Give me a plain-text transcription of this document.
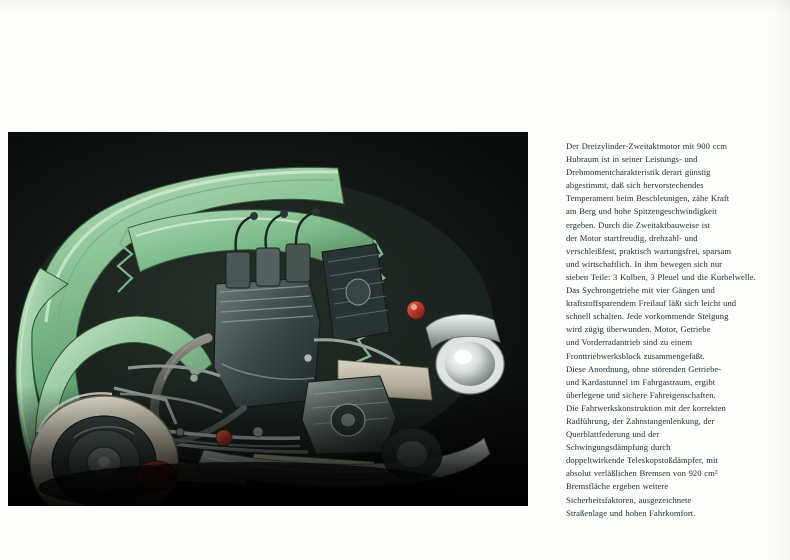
Der Dreizylinder-Zweitaktmotor mit 900 ccm

Hubraum ist in seiner Leistungs- und

Drehmomentcharakteristik derart günstig

abgestimmt, daß sich hervorstechendes

Temperament beim Bescbleunigen, zähe Kraft

am Berg und hohe Spitzengeschwindigkeit

ergeben. Durch die Zweitaktbauweise ist

der Motor startfreudig, drehzahl- und

verschleißfest, praktisch wartungsfrei, sparsam

und wirtschaftlich. In ihm bewegen sich nur

sieben Teile: 3 Kolben, 3 Pleuel und die Kurbelwelle.

Das Sychrongetriebe mit vier Gängen und

kraftstoffsparendem Freilauf läßt sich leicht und

schnell schalten. Jede vorkommende Steigung

wird zügig überwunden. Motor, Getriebe

und Vorderradantrieb sind zu einem

Fronttriebwerksblock zusammengefaßt.

Diese Anordnung, ohne störenden Getriebe-

und Kardastunnel im Fahrgastraum, ergibt

überlegene und sichere Fahreigenschaften.

Die Fahrwerkskonstruktion mit der korrekten

Radführung, der Zahnstangenlenkung, der

Querblattfederung und der

Schwingungsdämpfung durch

doppeltwirkende Teleskopstoßdämpfer, mit

absolut verläßlichen Bremsen von 920 cm²

Bremsfläche ergeben weitere

Sicherheitsfaktoren, ausgezeichnete

Straßenlage und hohen Fahrkomfort.
